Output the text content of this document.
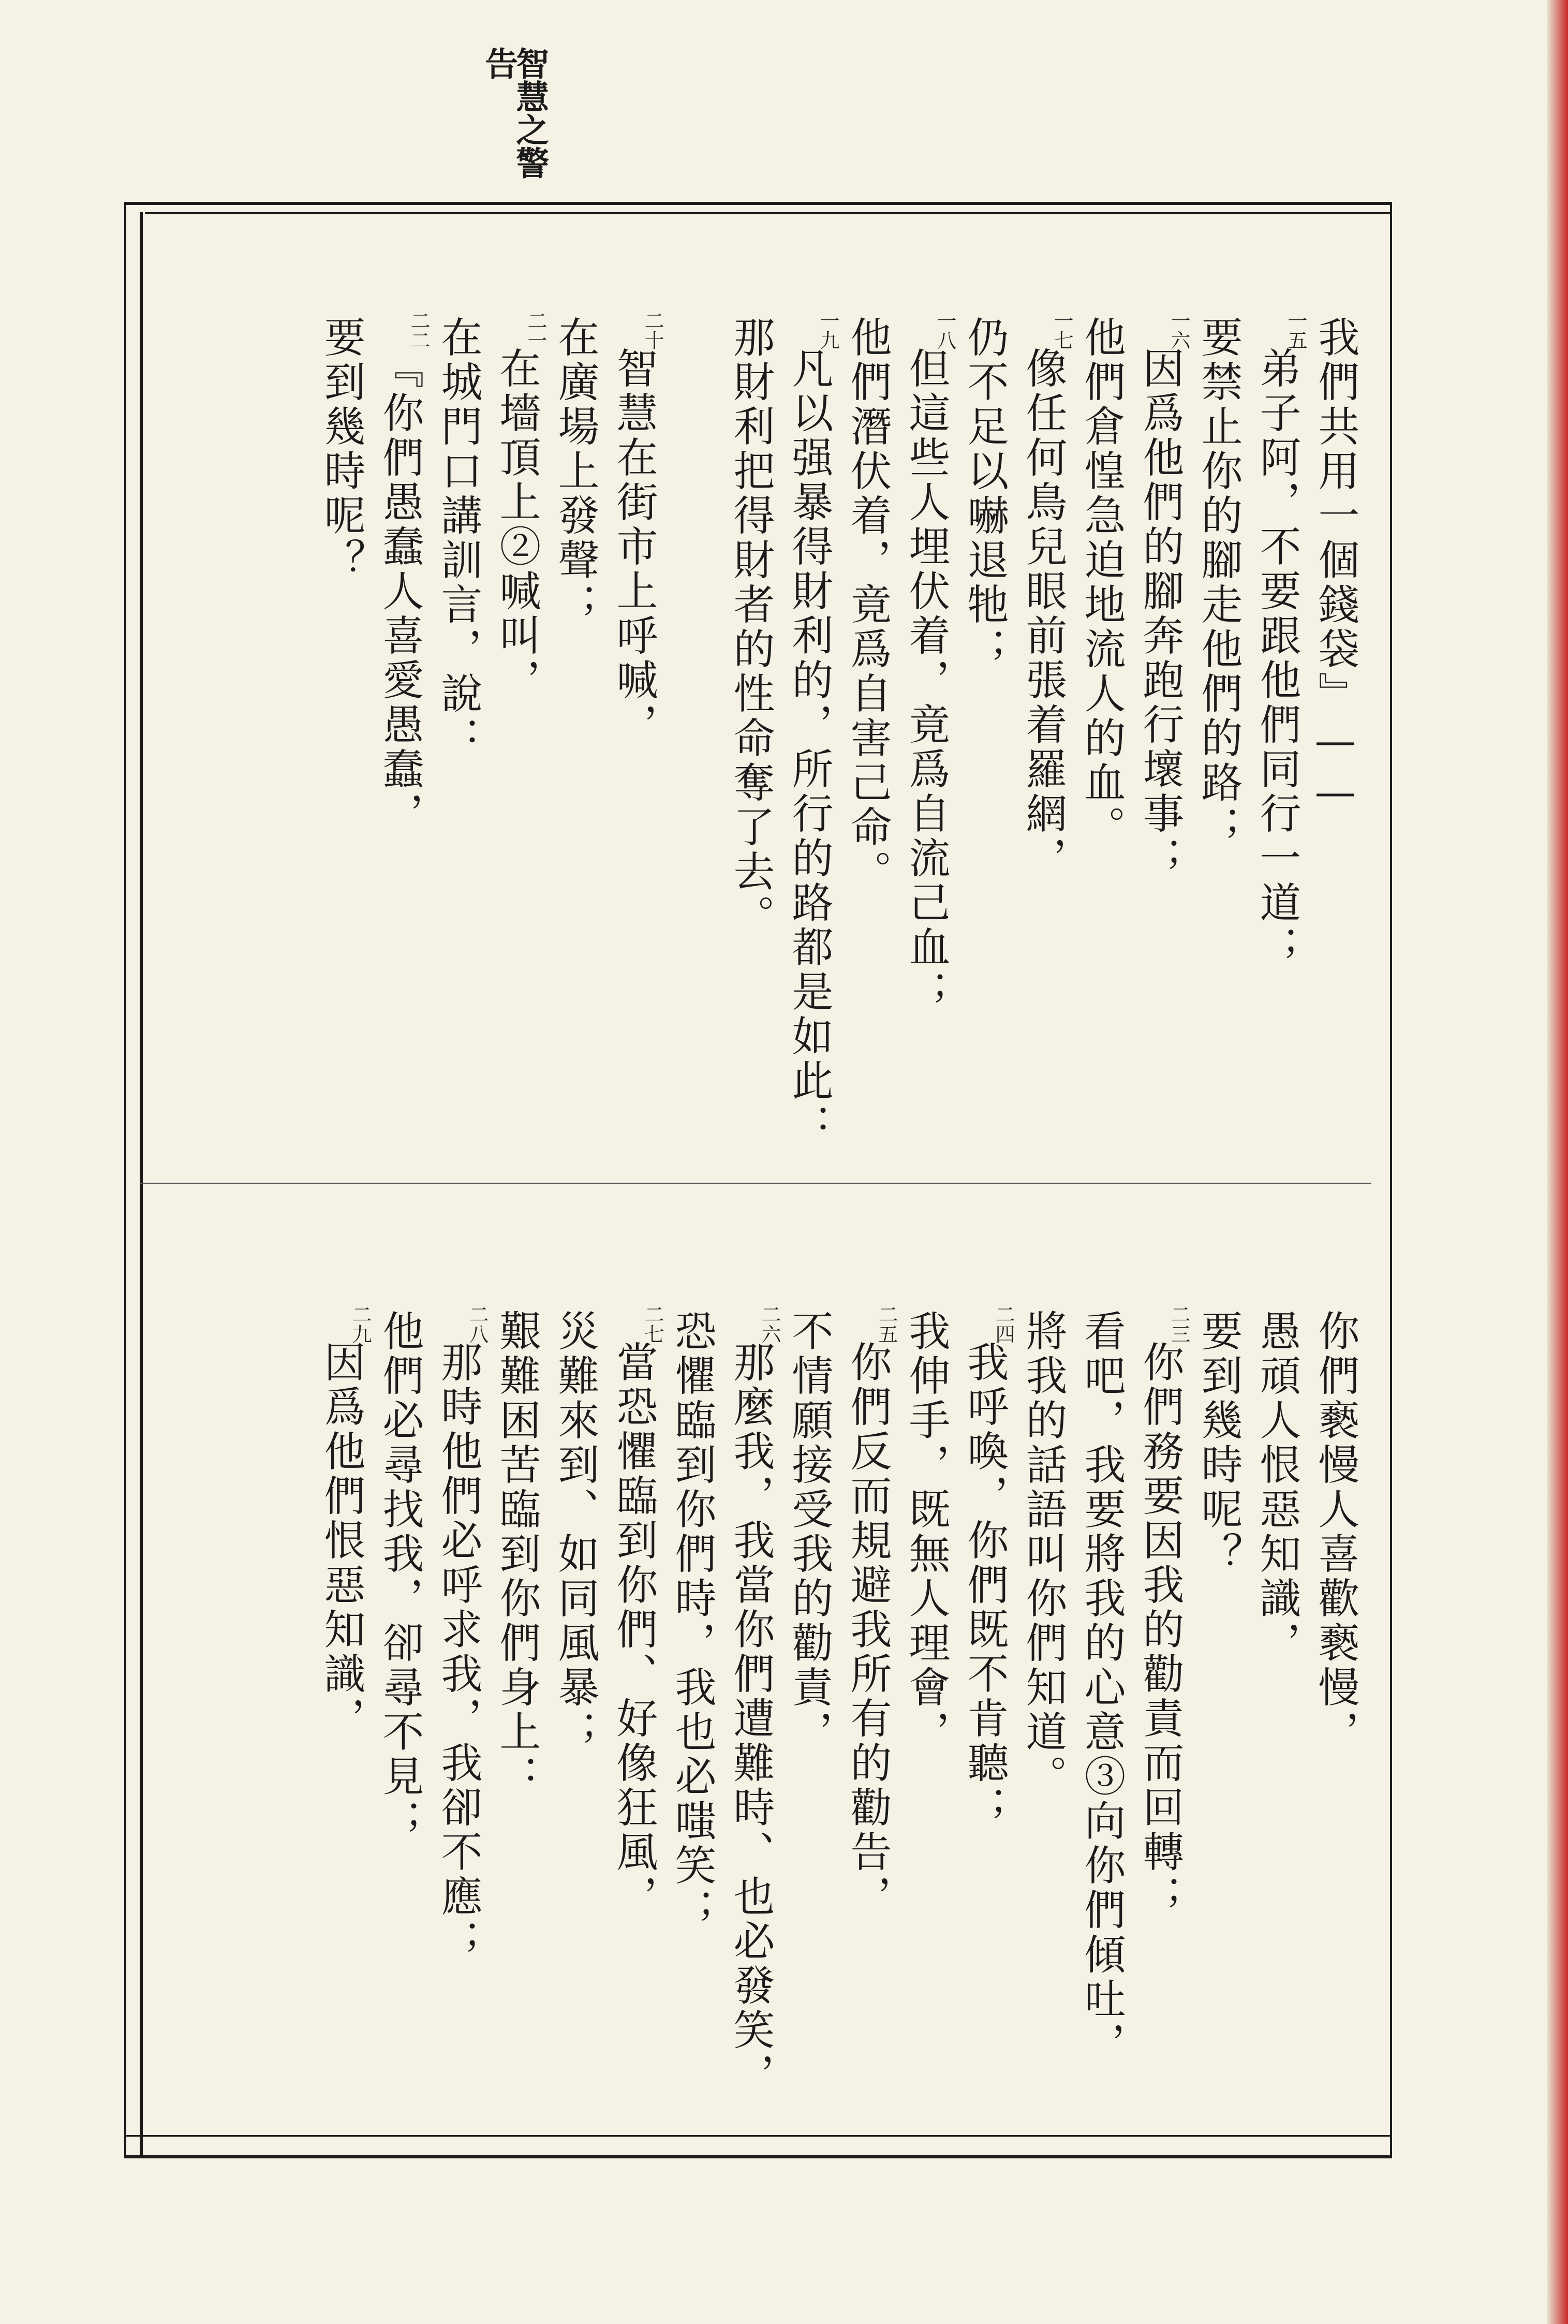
智慧之警
告
我們共用一個錢袋』——
一五
弟子阿，不要跟他們同行一道；
要禁止你的腳走他們的路；
一六
因爲他們的腳奔跑行壞事；
他們倉惶急迫地流人的血。
一七
像任何鳥兒眼前張着羅網，
仍不足以嚇退牠；
一八
但這些人埋伏着，竟爲自流己血；
他們潛伏着，竟爲自害己命。
一九
凡以强暴得財利的，所行的路都是如此：
那財利把得財者的性命奪了去。
二十
智慧在街市上呼喊，
在廣場上發聲；
二一
在墻頂上②喊叫，
在城門口講訓言，說：
二二
『你們愚蠢人喜愛愚蠢，
要到幾時呢？
你們褻慢人喜歡褻慢，
愚頑人恨惡知識，
要到幾時呢？
二三
你們務要因我的勸責而回轉；
看吧，我要將我的心意③向你們傾吐，
將我的話語叫你們知道。
二四
我呼喚，你們既不肯聽；
我伸手，既無人理會，
二五
你們反而規避我所有的勸告，
不情願接受我的勸責，
二六
那麼我，我當你們遭難時、也必發笑，
恐懼臨到你們時，我也必嗤笑；
二七
當恐懼臨到你們、好像狂風，
災難來到、如同風暴；
艱難困苦臨到你們身上：
二八
那時他們必呼求我，我卻不應；
他們必尋找我，卻尋不見；
二九
因爲他們恨惡知識，
